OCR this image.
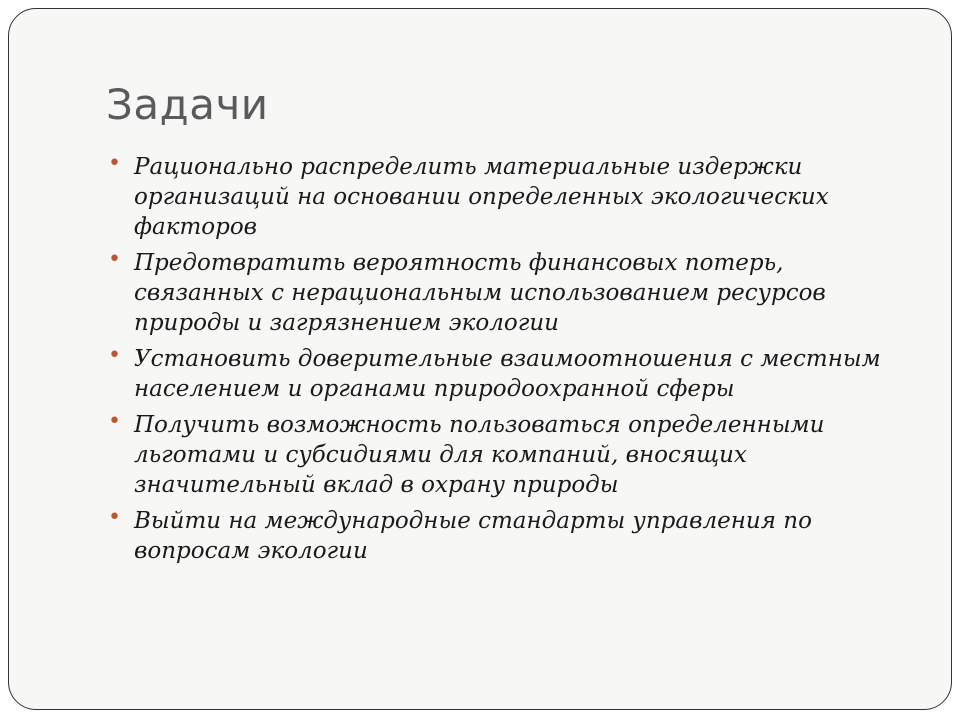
Задачи
• Рационально распределить материальные издержки организаций на основании определенных экологических факторов
• Предотвратить вероятность финансовых потерь, связанных с нерациональным использованием ресурсов природы и загрязнением экологии
• Установить доверительные взаимоотношения с местным населением и органами природоохранной сферы
• Получить возможность пользоваться определенными льготами и субсидиями для компаний, вносящих значительный вклад в охрану природы
• Выйти на международные стандарты управления по вопросам экологии
